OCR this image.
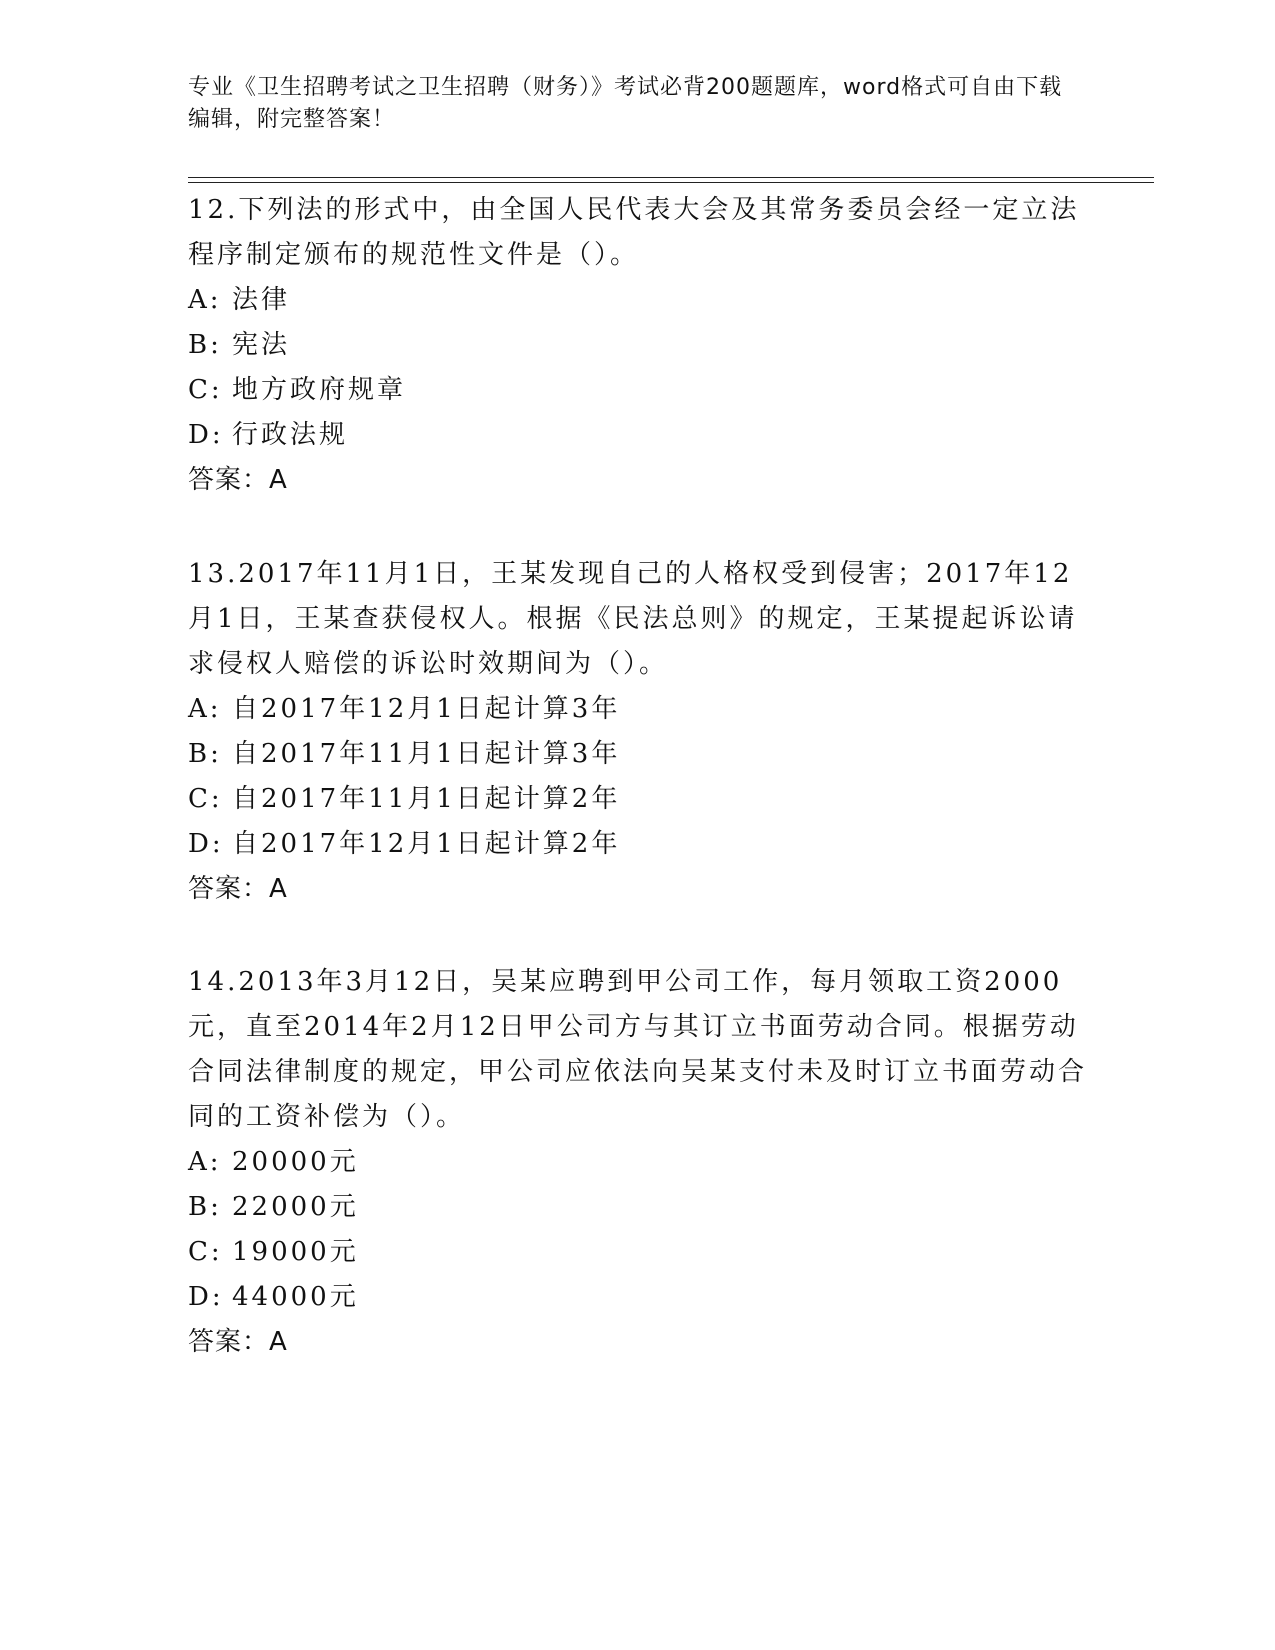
专业《卫生招聘考试之卫生招聘（财务）》考试必背200题题库，word格式可自由下载编辑，附完整答案！

12.下列法的形式中，由全国人民代表大会及其常务委员会经一定立法程序制定颁布的规范性文件是（）。

A: 法律

B: 宪法

C: 地方政府规章

D: 行政法规

答案：A

13.2017年11月1日，王某发现自己的人格权受到侵害；2017年12月1日，王某查获侵权人。根据《民法总则》的规定，王某提起诉讼请求侵权人赔偿的诉讼时效期间为（）。

A: 自2017年12月1日起计算3年

B: 自2017年11月1日起计算3年

C: 自2017年11月1日起计算2年

D: 自2017年12月1日起计算2年

答案：A

14.2013年3月12日，吴某应聘到甲公司工作，每月领取工资2000元，直至2014年2月12日甲公司方与其订立书面劳动合同。根据劳动合同法律制度的规定，甲公司应依法向吴某支付未及时订立书面劳动合同的工资补偿为（）。

A: 20000元

B: 22000元

C: 19000元

D: 44000元

答案：A
